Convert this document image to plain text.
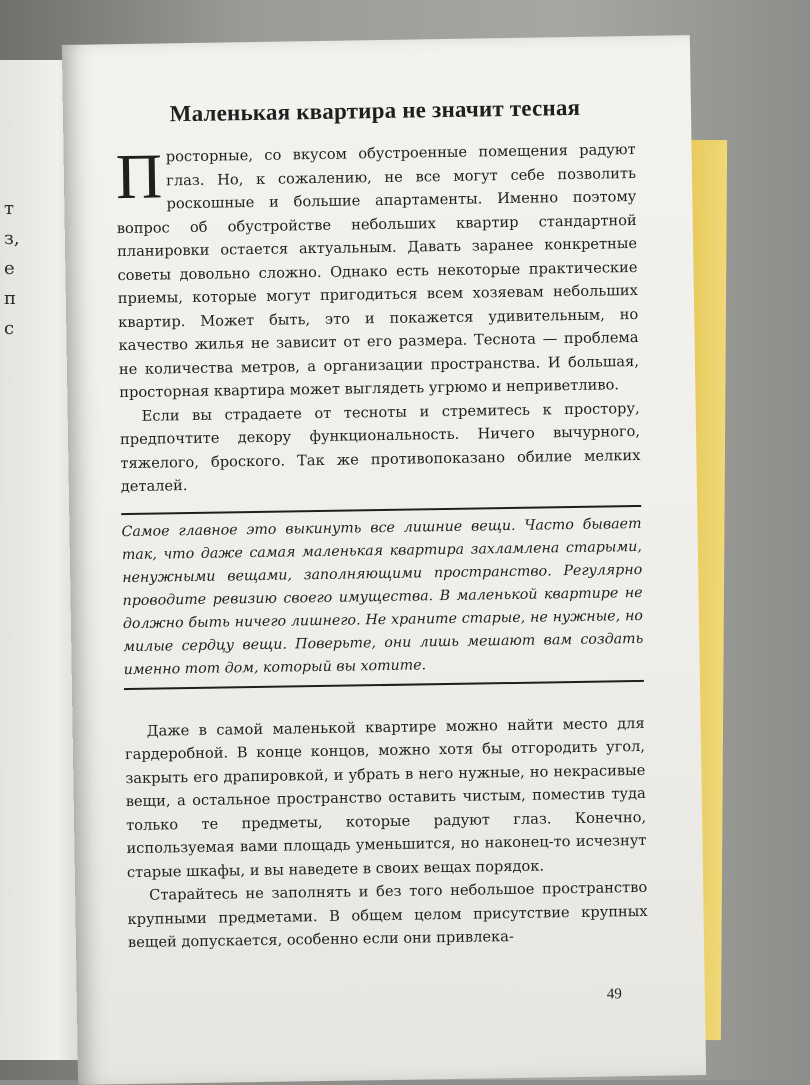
т
з,
е
п
с
Маленькая квартира не значит тесная

Просторные, со вкусом обустроенные помещения радуют глаз. Но, к сожалению, не все могут себе позволить роскошные и большие апартаменты. Именно поэтому вопрос об обустройстве небольших квартир стандартной планировки остается актуальным. Давать заранее конкретные советы довольно сложно. Однако есть некоторые практические приемы, которые могут пригодиться всем хозяевам небольших квартир. Может быть, это и покажется удивительным, но качество жилья не зависит от его размера. Теснота — проблема не количества метров, а организации пространства. И большая, просторная квартира может выглядеть угрюмо и неприветливо.

Если вы страдаете от тесноты и стремитесь к простору, предпочтите декору функциональность. Ничего вычурного, тяжелого, броского. Так же противопоказано обилие мелких деталей.

Самое главное это выкинуть все лишние вещи. Часто бывает так, что даже самая маленькая квартира захламлена старыми, ненужными вещами, заполняющими пространство. Регулярно проводите ревизию своего имущества. В маленькой квартире не должно быть ничего лишнего. Не храните старые, не нужные, но милые сердцу вещи. Поверьте, они лишь мешают вам создать именно тот дом, который вы хотите.

Даже в самой маленькой квартире можно найти место для гардеробной. В конце концов, можно хотя бы отгородить угол, закрыть его драпировкой, и убрать в него нужные, но некрасивые вещи, а остальное пространство оставить чистым, поместив туда только те предметы, которые радуют глаз. Конечно, используемая вами площадь уменьшится, но наконец-то исчезнут старые шкафы, и вы наведете в своих вещах порядок.

Старайтесь не заполнять и без того небольшое пространство крупными предметами. В общем целом присутствие крупных вещей допускается, особенно если они привлека-

49
